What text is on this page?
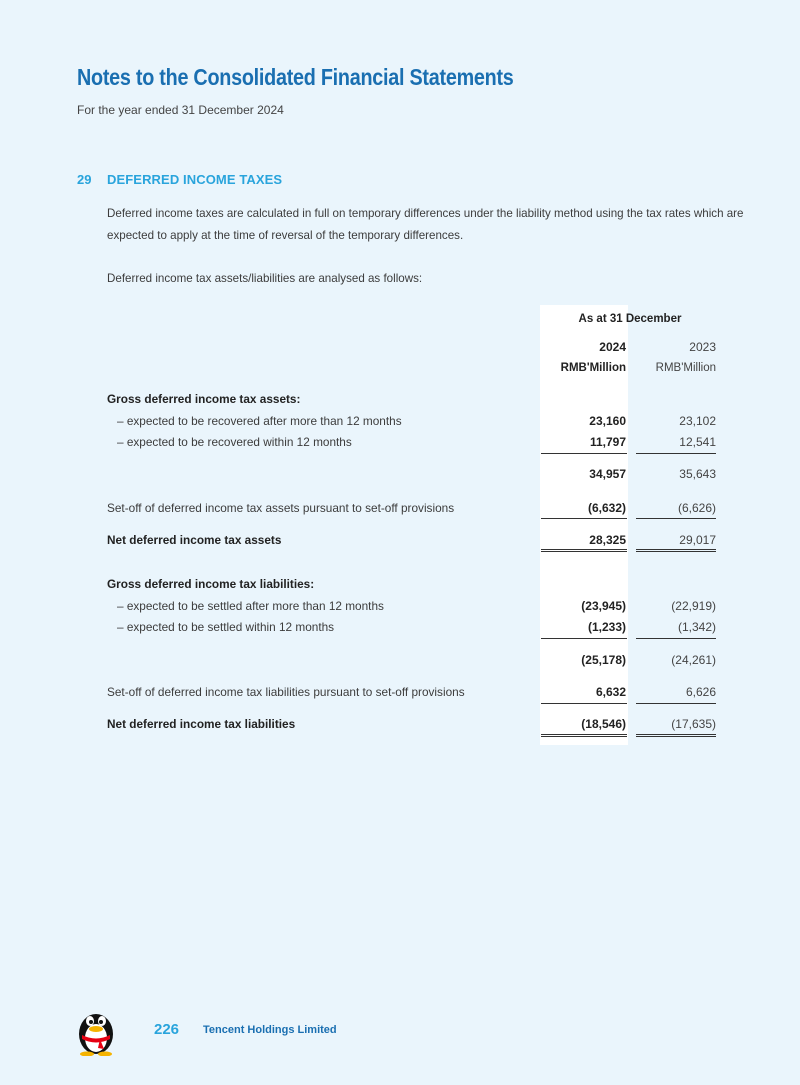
Notes to the Consolidated Financial Statements
For the year ended 31 December 2024
29 DEFERRED INCOME TAXES

Deferred income taxes are calculated in full on temporary differences under the liability method using the tax rates which are expected to apply at the time of reversal of the temporary differences.

Deferred income tax assets/liabilities are analysed as follows:

As at 31 December
2024	2023
RMB'Million	RMB'Million
Gross deferred income tax assets:
– expected to be recovered after more than 12 months	23,160	23,102
– expected to be recovered within 12 months	11,797	12,541
34,957	35,643
Set-off of deferred income tax assets pursuant to set-off provisions	(6,632)	(6,626)
Net deferred income tax assets	28,325	29,017
Gross deferred income tax liabilities:
– expected to be settled after more than 12 months	(23,945)	(22,919)
– expected to be settled within 12 months	(1,233)	(1,342)
(25,178)	(24,261)
Set-off of deferred income tax liabilities pursuant to set-off provisions	6,632	6,626
Net deferred income tax liabilities	(18,546)	(17,635)
226 Tencent Holdings Limited
